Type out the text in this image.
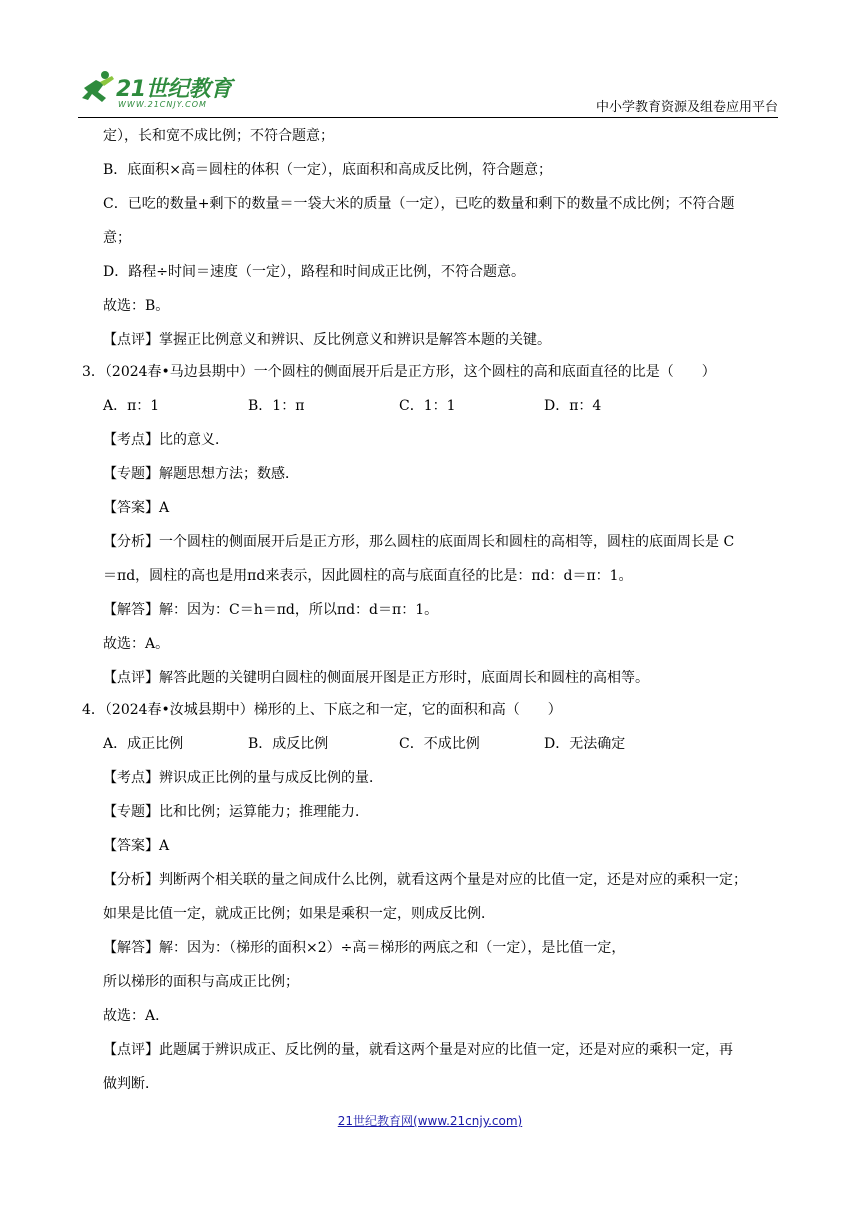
21世纪教育
WWW.21CNJY.COM	中小学教育资源及组卷应用平台
定），长和宽不成比例；不符合题意；
B．底面积×高＝圆柱的体积（一定），底面积和高成反比例，符合题意；
C．已吃的数量+剩下的数量＝一袋大米的质量（一定），已吃的数量和剩下的数量不成比例；不符合题
意；
D．路程÷时间＝速度（一定），路程和时间成正比例，不符合题意。
故选：B。
【点评】掌握正比例意义和辨识、反比例意义和辨识是解答本题的关键。
3．（2024春•马边县期中）一个圆柱的侧面展开后是正方形，这个圆柱的高和底面直径的比是（　　）
A．π：1	B．1：π	C．1：1	D．π：4
【考点】比的意义．
【专题】解题思想方法；数感．
【答案】A
【分析】一个圆柱的侧面展开后是正方形，那么圆柱的底面周长和圆柱的高相等，圆柱的底面周长是 C
＝πd，圆柱的高也是用πd来表示，因此圆柱的高与底面直径的比是：πd：d＝π：1。
【解答】解：因为：C＝h＝πd，所以πd：d＝π：1。
故选：A。
【点评】解答此题的关键明白圆柱的侧面展开图是正方形时，底面周长和圆柱的高相等。
4．（2024春•汝城县期中）梯形的上、下底之和一定，它的面积和高（　　）
A．成正比例	B．成反比例	C．不成比例	D．无法确定
【考点】辨识成正比例的量与成反比例的量．
【专题】比和比例；运算能力；推理能力．
【答案】A
【分析】判断两个相关联的量之间成什么比例，就看这两个量是对应的比值一定，还是对应的乘积一定；
如果是比值一定，就成正比例；如果是乘积一定，则成反比例．
【解答】解：因为：（梯形的面积×2）÷高＝梯形的两底之和（一定），是比值一定，
所以梯形的面积与高成正比例；
故选：A．
【点评】此题属于辨识成正、反比例的量，就看这两个量是对应的比值一定，还是对应的乘积一定，再
做判断．
21世纪教育网(www.21cnjy.com)
